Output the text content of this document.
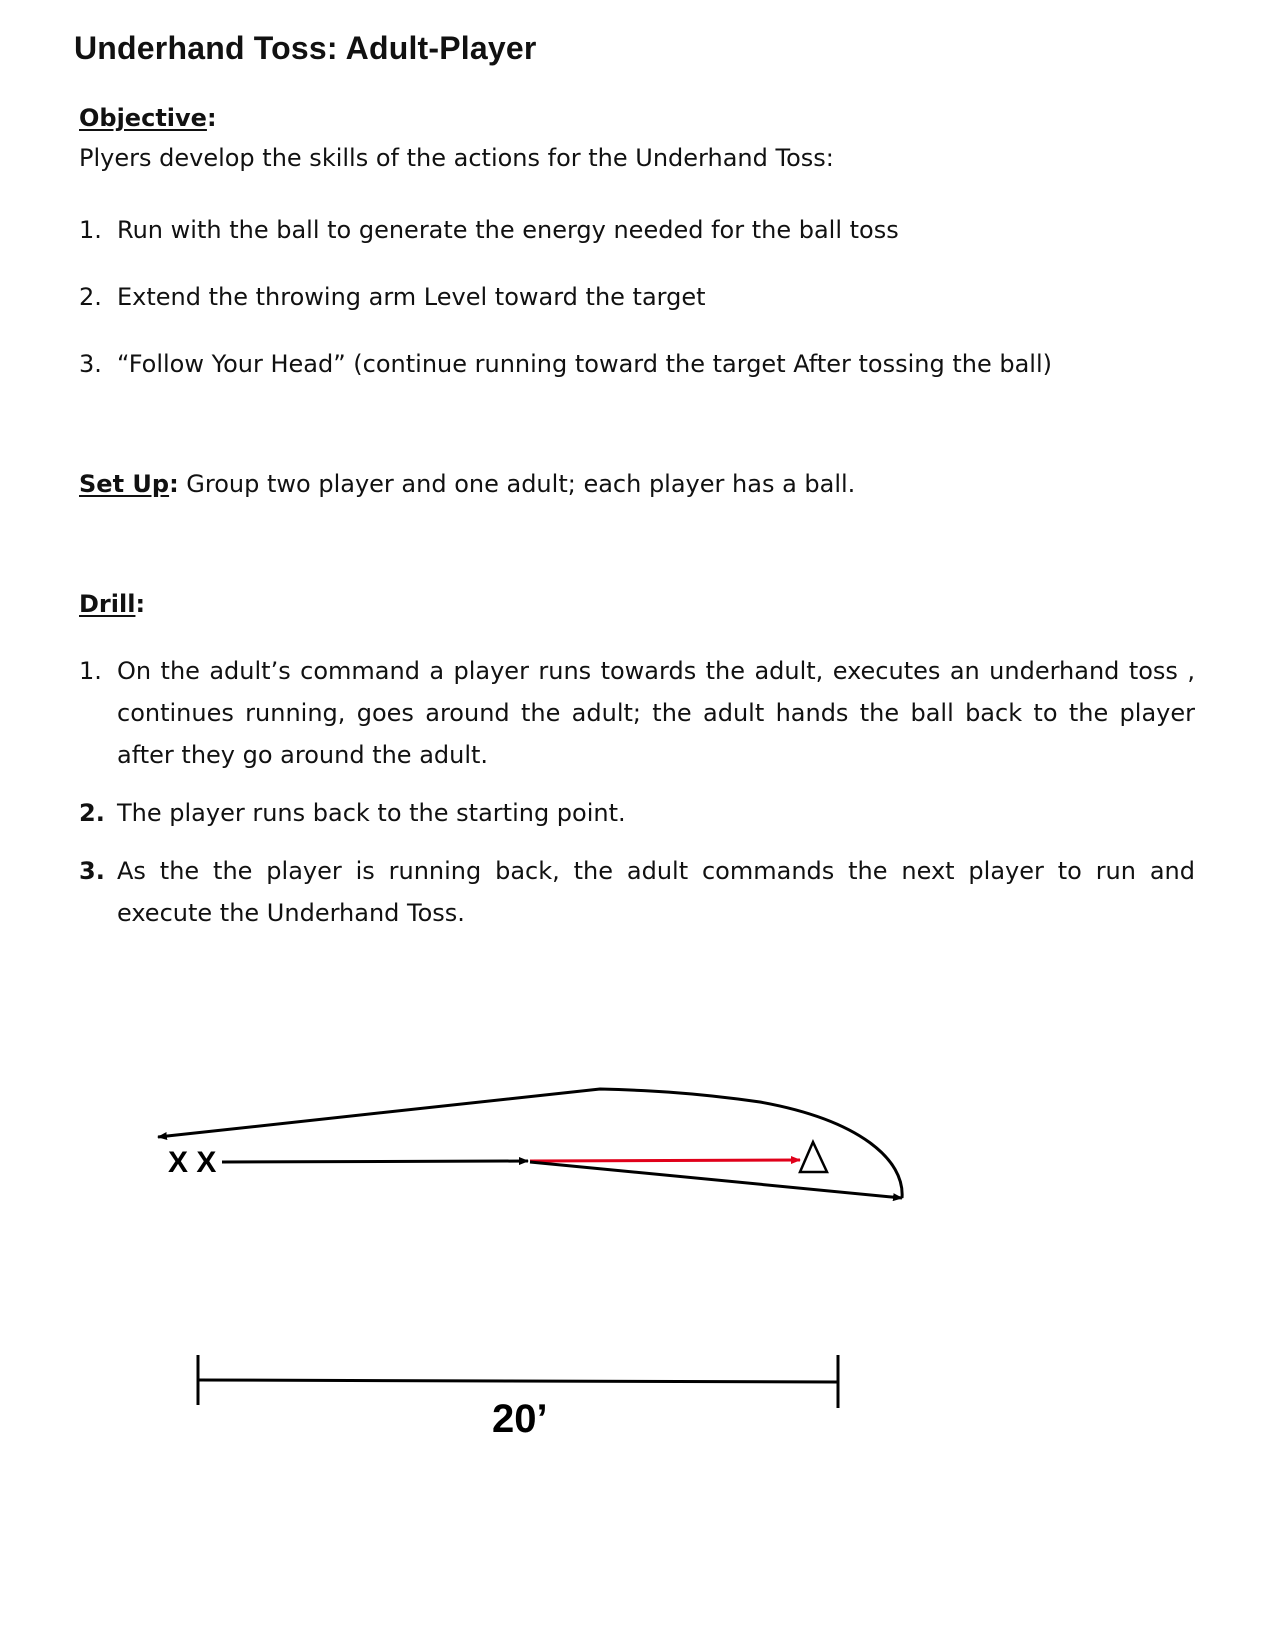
Underhand Toss: Adult-Player

Objective:

Plyers develop the skills of the actions for the Underhand Toss:

1. Run with the ball to generate the energy needed for the ball toss
2. Extend the throwing arm Level toward the target
3. “Follow Your Head” (continue running toward the target After tossing the ball)

Set Up: Group two player and one adult; each player has a ball.

Drill:

1. On the adult’s command a player runs towards the adult, executes an underhand toss , continues running, goes around the adult; the adult hands the ball back to the player after they go around the adult.
2. The player runs back to the starting point.
3. As the the player is running back, the adult commands the next player to run and execute the Underhand Toss.
X X
20’
